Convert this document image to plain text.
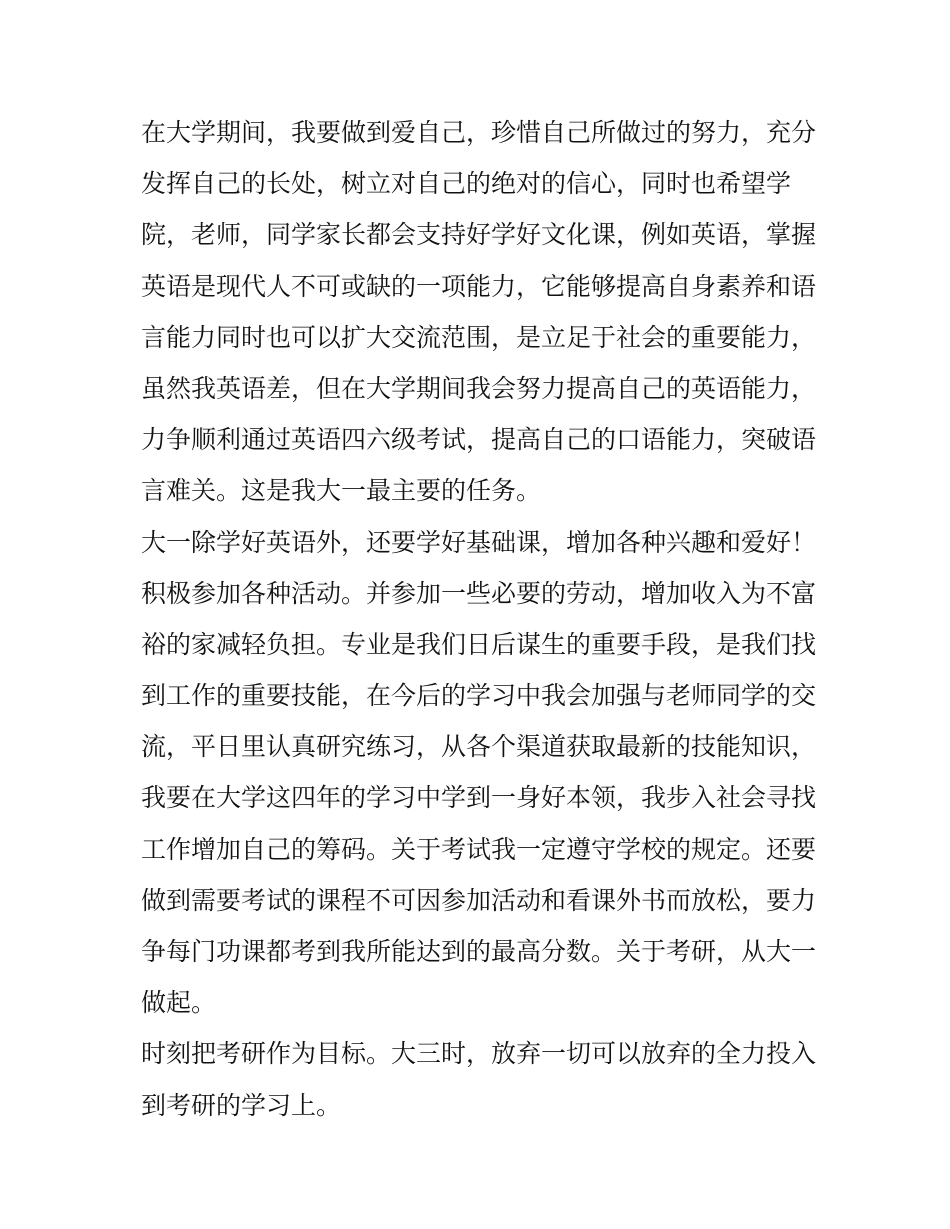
在大学期间，我要做到爱自己，珍惜自己所做过的努力，充分
发挥自己的长处，树立对自己的绝对的信心，同时也希望学
院，老师，同学家长都会支持好学好文化课，例如英语，掌握
英语是现代人不可或缺的一项能力，它能够提高自身素养和语
言能力同时也可以扩大交流范围，是立足于社会的重要能力，
虽然我英语差，但在大学期间我会努力提高自己的英语能力，
力争顺利通过英语四六级考试，提高自己的口语能力，突破语
言难关。这是我大一最主要的任务。
大一除学好英语外，还要学好基础课，增加各种兴趣和爱好！
积极参加各种活动。并参加一些必要的劳动，增加收入为不富
裕的家减轻负担。专业是我们日后谋生的重要手段，是我们找
到工作的重要技能，在今后的学习中我会加强与老师同学的交
流，平日里认真研究练习，从各个渠道获取最新的技能知识，
我要在大学这四年的学习中学到一身好本领，我步入社会寻找
工作增加自己的筹码。关于考试我一定遵守学校的规定。还要
做到需要考试的课程不可因参加活动和看课外书而放松，要力
争每门功课都考到我所能达到的最高分数。关于考研，从大一
做起。
时刻把考研作为目标。大三时，放弃一切可以放弃的全力投入
到考研的学习上。
